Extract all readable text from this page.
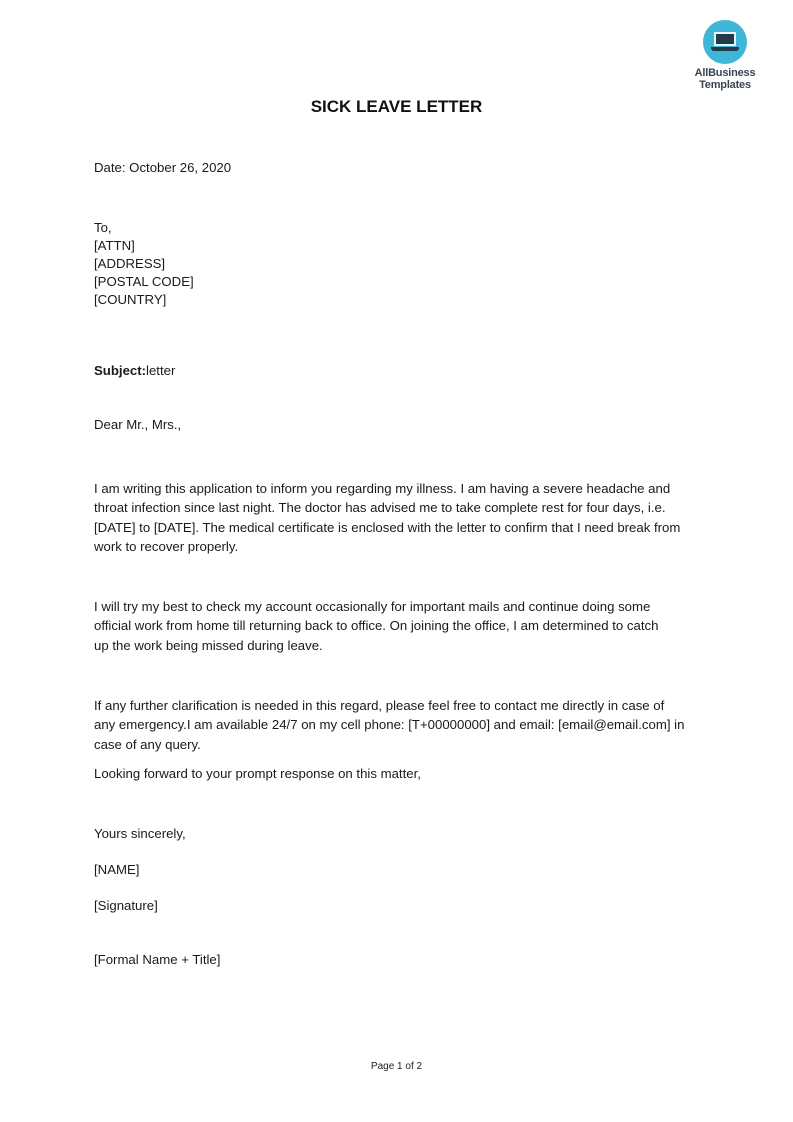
AllBusiness
Templates
SICK LEAVE LETTER
Date: October 26, 2020
To,
[ATTN]
[ADDRESS]
[POSTAL CODE]
[COUNTRY]
Subject:letter
Dear Mr., Mrs.,
I am writing this application to inform you regarding my illness. I am having a severe headache and
throat infection since last night. The doctor has advised me to take complete rest for four days, i.e.
[DATE] to [DATE]. The medical certificate is enclosed with the letter to confirm that I need break from
work to recover properly.
I will try my best to check my account occasionally for important mails and continue doing some
official work from home till returning back to office. On joining the office, I am determined to catch
up the work being missed during leave.
If any further clarification is needed in this regard, please feel free to contact me directly in case of
any emergency.I am available 24/7 on my cell phone: [T+00000000] and email: [email@email.com] in
case of any query.
Looking forward to your prompt response on this matter,
Yours sincerely,
[NAME]
[Signature]
[Formal Name + Title]
Page 1 of 2
